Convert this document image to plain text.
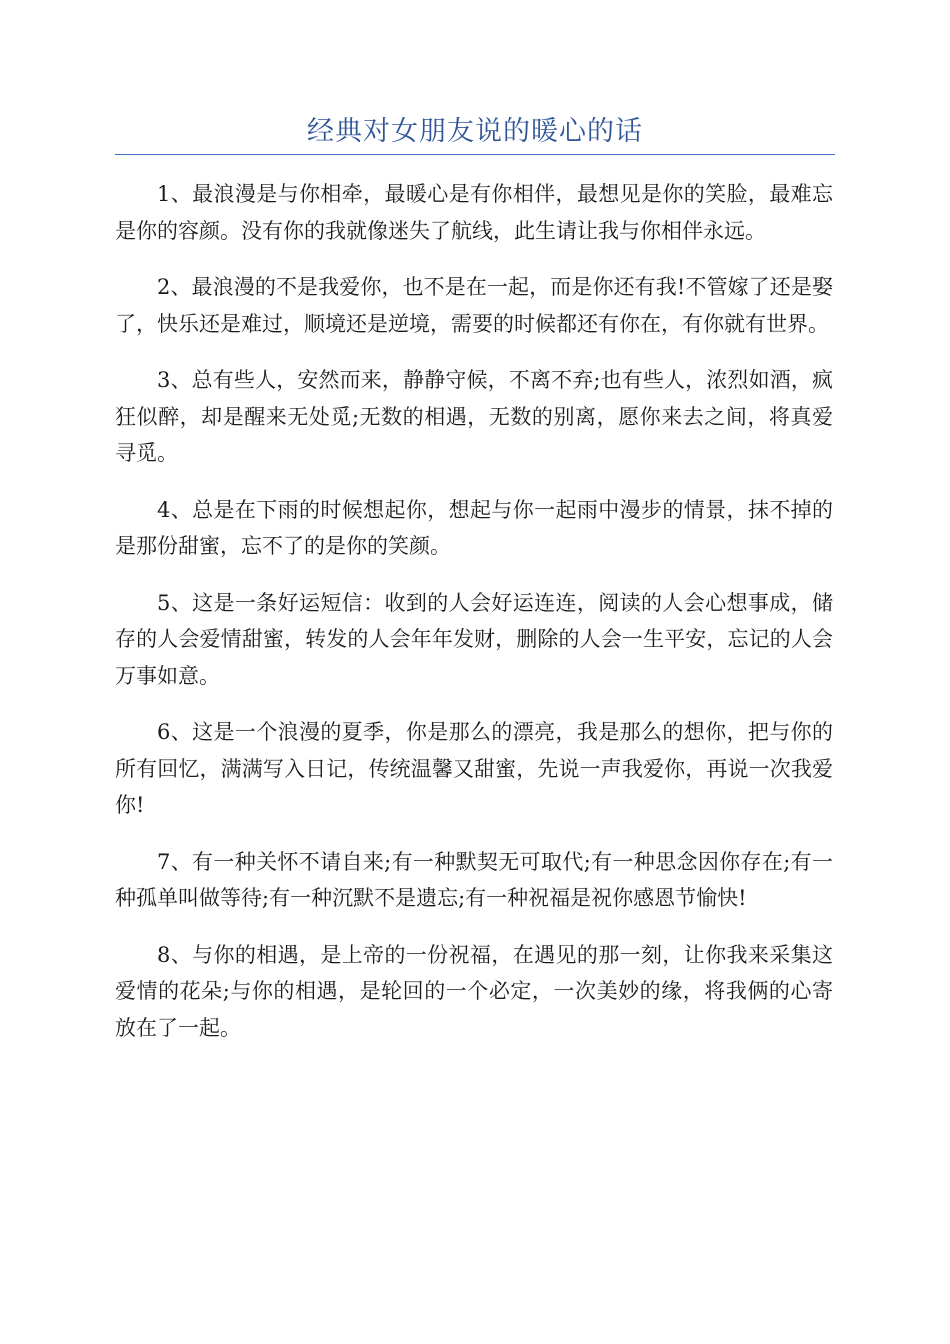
经典对女朋友说的暖心的话

1、最浪漫是与你相牵，最暖心是有你相伴，最想见是你的笑脸，最难忘是你的容颜。没有你的我就像迷失了航线，此生请让我与你相伴永远。

2、最浪漫的不是我爱你，也不是在一起，而是你还有我!不管嫁了还是娶了，快乐还是难过，顺境还是逆境，需要的时候都还有你在，有你就有世界。

3、总有些人，安然而来，静静守候，不离不弃;也有些人，浓烈如酒，疯狂似醉，却是醒来无处觅;无数的相遇，无数的别离，愿你来去之间，将真爱寻觅。

4、总是在下雨的时候想起你，想起与你一起雨中漫步的情景，抹不掉的是那份甜蜜，忘不了的是你的笑颜。

5、这是一条好运短信：收到的人会好运连连，阅读的人会心想事成，储存的人会爱情甜蜜，转发的人会年年发财，删除的人会一生平安，忘记的人会万事如意。

6、这是一个浪漫的夏季，你是那么的漂亮，我是那么的想你，把与你的所有回忆，满满写入日记，传统温馨又甜蜜，先说一声我爱你，再说一次我爱你!

7、有一种关怀不请自来;有一种默契无可取代;有一种思念因你存在;有一种孤单叫做等待;有一种沉默不是遗忘;有一种祝福是祝你感恩节愉快!

8、与你的相遇，是上帝的一份祝福，在遇见的那一刻，让你我来采集这爱情的花朵;与你的相遇，是轮回的一个必定，一次美妙的缘，将我俩的心寄放在了一起。
